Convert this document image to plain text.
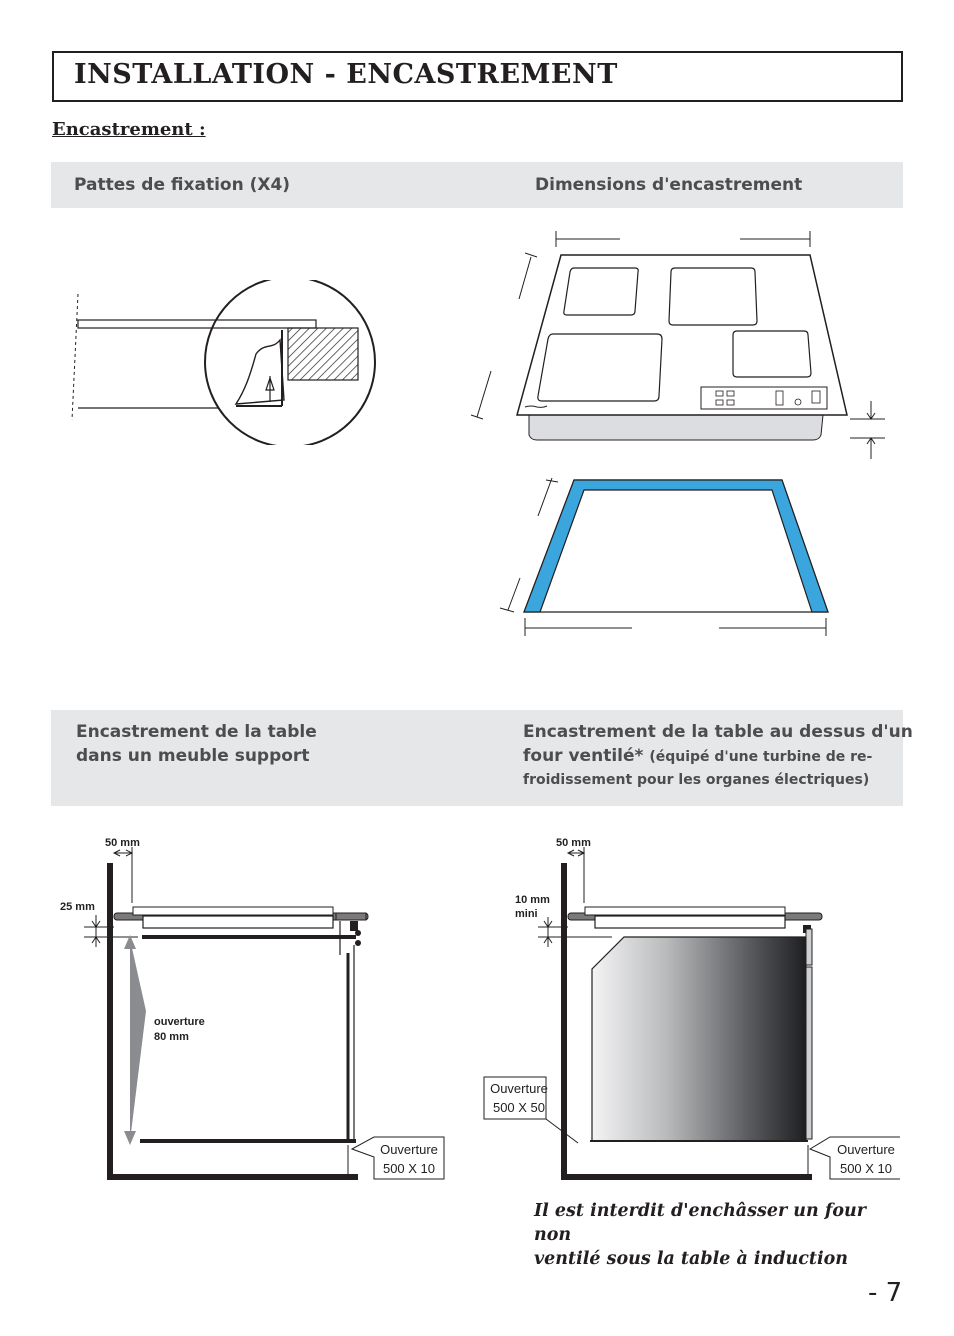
INSTALLATION - ENCASTREMENT
Encastrement :
Pattes de fixation (X4)	Dimensions d'encastrement
Encastrement de la table
dans un meuble support
Encastrement de la table au dessus d'un
four ventilé* (équipé d'une turbine de re-
froidissement pour les organes électriques)
50 mm
25 mm
ouverture
80 mm
Ouverture
500 X 10
50 mm
10 mm
mini
Ouverture
500 X 50
Ouverture
500 X 10
Il est interdit d'enchâsser un four non
ventilé sous la table à induction
- 7
